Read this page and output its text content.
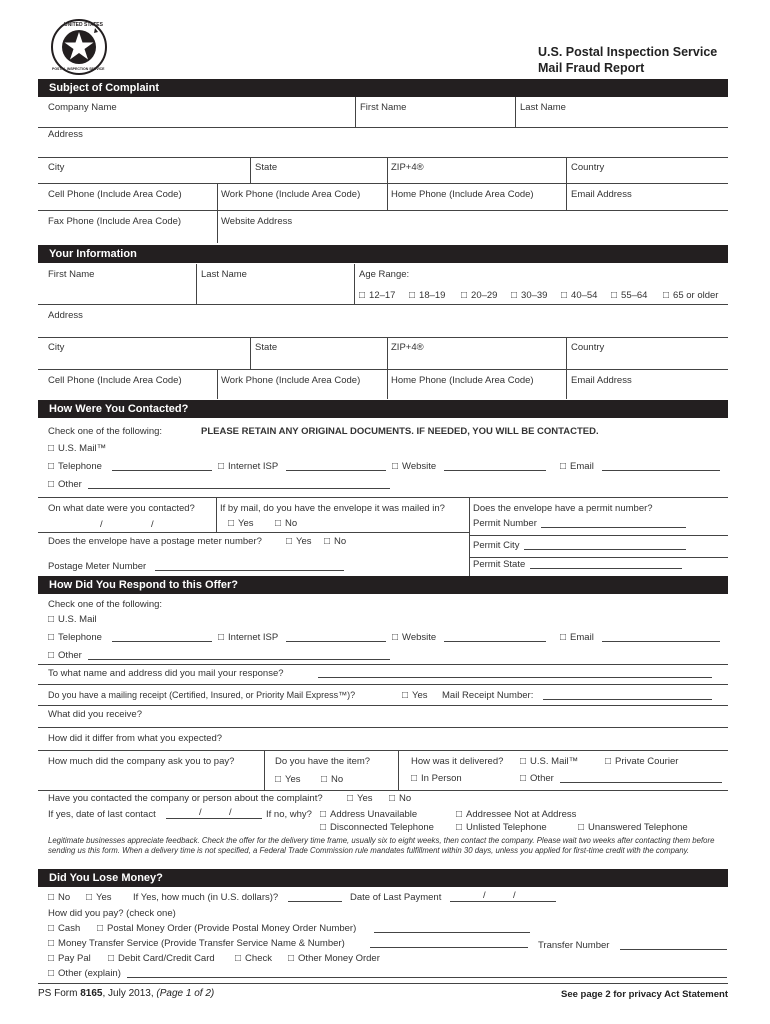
UNITED STATES
POSTAL INSPECTION SERVICE
U.S. Postal Inspection Service
Mail Fraud Report
Subject of Complaint
Company Name	First Name	Last Name
Address
City	State	ZIP+4®	Country
Cell Phone (Include Area Code)	Work Phone (Include Area Code)	Home Phone (Include Area Code)	Email Address
Fax Phone (Include Area Code)	Website Address
Your Information
First Name	Last Name	Age Range:
□ 12–17	□ 18–19	□ 20–29	□ 30–39	□ 40–54	□ 55–64	□ 65 or older
Address
City	State	ZIP+4®	Country
Cell Phone (Include Area Code)	Work Phone (Include Area Code)	Home Phone (Include Area Code)	Email Address
How Were You Contacted?
Check one of the following:	PLEASE RETAIN ANY ORIGINAL DOCUMENTS. IF NEEDED, YOU WILL BE CONTACTED.
□ U.S. Mail™
□ Telephone	□ Internet ISP	□ Website	□ Email
□ Other
On what date were you contacted?
/	/
If by mail, do you have the envelope it was mailed in?
□ Yes	□ No
Does the envelope have a permit number?
Permit Number
Does the envelope have a postage meter number?	□ Yes	□ No	Permit City
Postage Meter Number	Permit State
How Did You Respond to this Offer?
Check one of the following:
□ U.S. Mail
□ Telephone	□ Internet ISP	□ Website	□ Email
□ Other
To what name and address did you mail your response?
Do you have a mailing receipt (Certified, Insured, or Priority Mail Express™)?	□ Yes Mail Receipt Number:
What did you receive?
How did it differ from what you expected?
How much did the company ask you to pay?	Do you have the item?
□ Yes	□ No
How was it delivered?	□ U.S. Mail™	□ Private Courier
□ In Person	□ Other
Have you contacted the company or person about the complaint?	□ Yes	□ No
If yes, date of last contact	/	/	If no, why?	□ Address Unavailable	□ Addressee Not at Address
□ Disconnected Telephone	□ Unlisted Telephone	□ Unanswered Telephone
Legitimate businesses appreciate feedback. Check the offer for the delivery time frame, usually six to eight weeks, then contact the company. Please wait two weeks after contacting them before sending us this form. When a delivery time is not specified, a Federal Trade Commission rule mandates fulfillment within 30 days, unless you applied for first-time credit with the company.
Did You Lose Money?
□ No	□ Yes If Yes, how much (in U.S. dollars)?	Date of Last Payment	/	/
How did you pay? (check one)
□ Cash	□ Postal Money Order (Provide Postal Money Order Number)
□ Money Transfer Service (Provide Transfer Service Name & Number)	Transfer Number
□ Pay Pal	□ Debit Card/Credit Card	□ Check	□ Other Money Order
□ Other (explain)
PS Form 8165, July 2013, (Page 1 of 2)	See page 2 for privacy Act Statement
